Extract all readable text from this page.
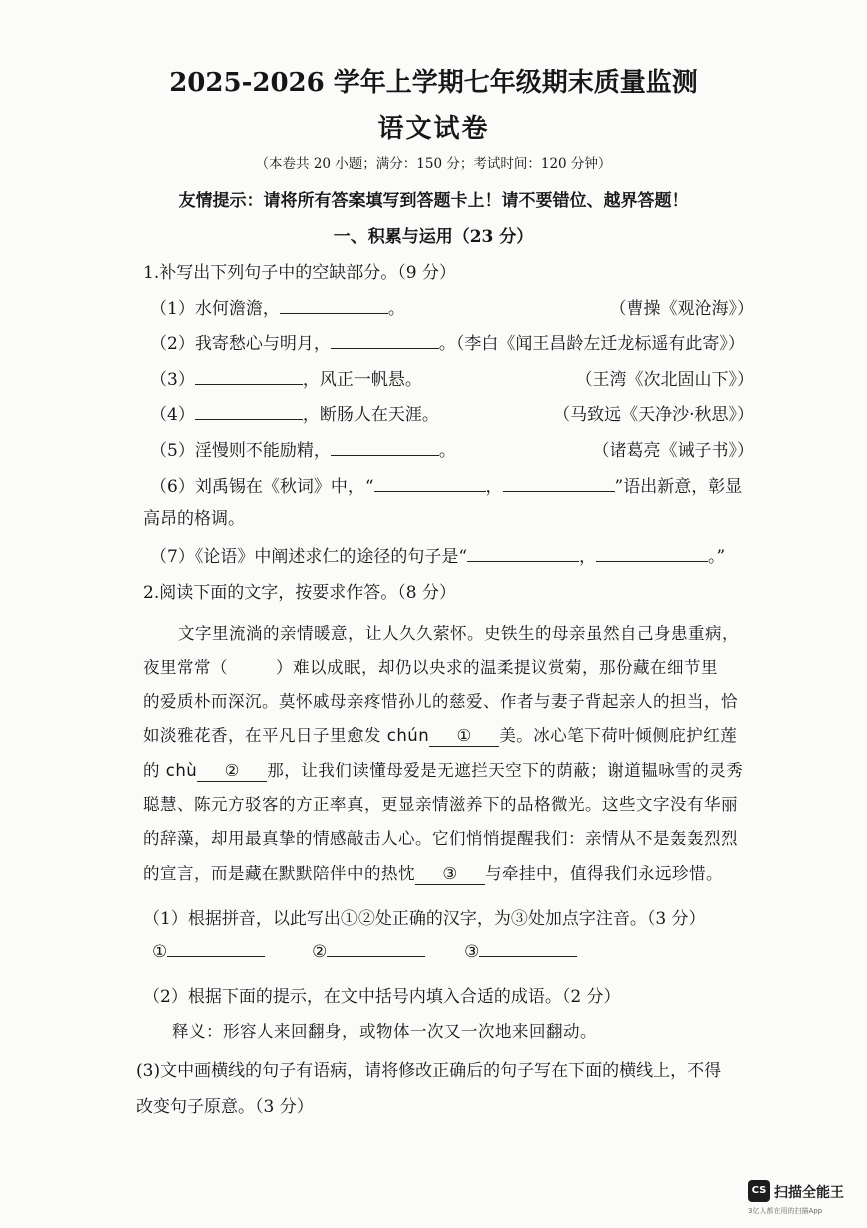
2025-2026 学年上学期七年级期末质量监测
语文试卷
（本卷共 20 小题；满分：150 分；考试时间：120 分钟）
友情提示：请将所有答案填写到答题卡上！请不要错位、越界答题！
一、积累与运用（23 分）
1.补写出下列句子中的空缺部分。（9 分）
（1）水何澹澹，	。	（曹操《观沧海》）
（2）我寄愁心与明月，	。（李白《闻王昌龄左迁龙标遥有此寄》）
（3）	，风正一帆悬。	（王湾《次北固山下》）
（4）	，断肠人在天涯。	（马致远《天净沙·秋思》）
（5）淫慢则不能励精，	。	（诸葛亮《诫子书》）
（6）刘禹锡在《秋词》中，“	，	”语出新意，彰显
高昂的格调。
（7）《论语》中阐述求仁的途径的句子是“	，	。”
2.阅读下面的文字，按要求作答。（8 分）
文字里流淌的亲情暖意，让人久久萦怀。史铁生的母亲虽然自己身患重病，
夜里常常（	）难以成眠，却仍以央求的温柔提议赏菊，那份藏在细节里
的爱质朴而深沉。莫怀戚母亲疼惜孙儿的慈爱、作者与妻子背起亲人的担当，恰
如淡雅花香，在平凡日子里愈发 chún ① 美。冰心笔下荷叶倾侧庇护红莲
的 chù ② 那，让我们读懂母爱是无遮拦天空下的荫蔽；谢道韫咏雪的灵秀
聪慧、陈元方驳客的方正率真，更显亲情滋养下的品格微光。这些文字没有华丽
的辞藻，却用最真挚的情感敲击人心。它们悄悄提醒我们：亲情从不是轰轰烈烈
的宣言，而是藏在默默陪伴中的热忱 ③ 与牵挂中，值得我们永远珍惜。
（1）根据拼音，以此写出①②处正确的汉字，为③处加点字注音。（3 分）
①	②	③
（2）根据下面的提示，在文中括号内填入合适的成语。（2 分）
释义：形容人来回翻身，或物体一次又一次地来回翻动。
(3)文中画横线的句子有语病，请将修改正确后的句子写在下面的横线上，不得
改变句子原意。（3 分）
CS 扫描全能王
3亿人都在用的扫描App
